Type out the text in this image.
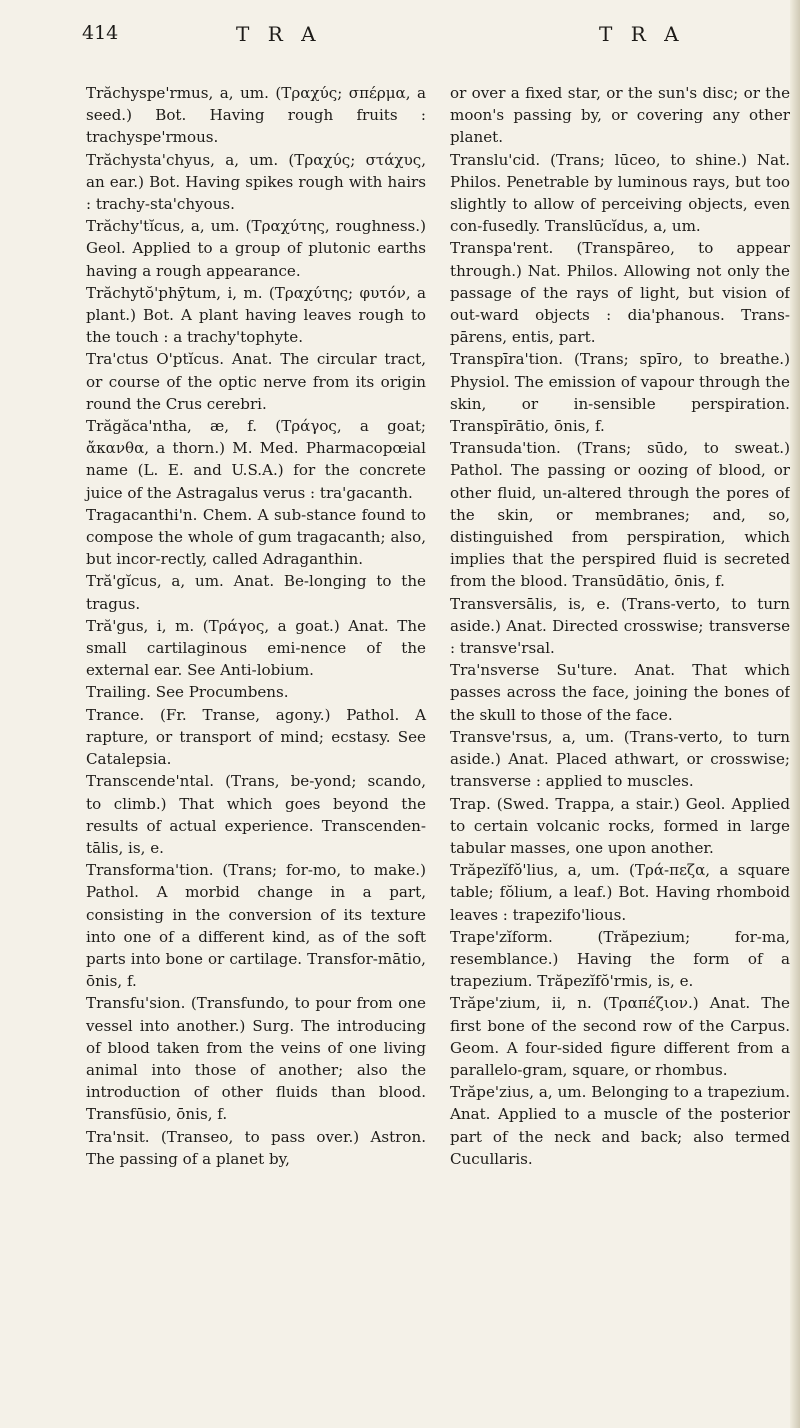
414	T R A	T R A

Trăchyspe'rmus, a, um. (Τραχύς; σπέρμα, a seed.) Bot. Having rough fruits : trachyspe'rmous.

Trăchysta'chyus, a, um. (Τραχύς; στάχυς, an ear.) Bot. Having spikes rough with hairs : trachy-sta'chyous.

Trăchy'tĭcus, a, um. (Τραχύτης, roughness.) Geol. Applied to a group of plutonic earths having a rough appearance.

Trăchytŏ'phȳtum, i, m. (Τραχύτης; φυτόν, a plant.) Bot. A plant having leaves rough to the touch : a trachy'tophyte.

Tra'ctus O'ptĭcus. Anat. The circular tract, or course of the optic nerve from its origin round the Crus cerebri.

Trăgăca'ntha, æ, f. (Τράγος, a goat; ἄκανθα, a thorn.) M. Med. Pharmacopœial name (L. E. and U.S.A.) for the concrete juice of the Astragalus verus : tra'gacanth.

Tragacanthi'n. Chem. A sub-stance found to compose the whole of gum tragacanth; also, but incor-rectly, called Adraganthin.

Tră'gĭcus, a, um. Anat. Be-longing to the tragus.

Tră'gus, i, m. (Τράγος, a goat.) Anat. The small cartilaginous emi-nence of the external ear. See Anti-lobium.

Trailing. See Procumbens.

Trance. (Fr. Transe, agony.) Pathol. A rapture, or transport of mind; ecstasy. See Catalepsia.

Transcende'ntal. (Trans, be-yond; scando, to climb.) That which goes beyond the results of actual experience. Transcenden-tālis, is, e.

Transforma'tion. (Trans; for-mo, to make.) Pathol. A morbid change in a part, consisting in the conversion of its texture into one of a different kind, as of the soft parts into bone or cartilage. Transfor-mātio, ōnis, f.

Transfu'sion. (Transfundo, to pour from one vessel into another.) Surg. The introducing of blood taken from the veins of one living animal into those of another; also the introduction of other fluids than blood. Transfūsio, ōnis, f.

Tra'nsit. (Transeo, to pass over.) Astron. The passing of a planet by,

or over a fixed star, or the sun's disc; or the moon's passing by, or covering any other planet.

Translu'cid. (Trans; lūceo, to shine.) Nat. Philos. Penetrable by luminous rays, but too slightly to allow of perceiving objects, even con-fusedly. Translūcĭdus, a, um.

Transpa'rent. (Transpāreo, to appear through.) Nat. Philos. Allowing not only the passage of the rays of light, but vision of out-ward objects : dia'phanous. Trans-pārens, entis, part.

Transpīra'tion. (Trans; spīro, to breathe.) Physiol. The emission of vapour through the skin, or in-sensible perspiration. Transpīrātio, ōnis, f.

Transuda'tion. (Trans; sūdo, to sweat.) Pathol. The passing or oozing of blood, or other fluid, un-altered through the pores of the skin, or membranes; and, so, distinguished from perspiration, which implies that the perspired fluid is secreted from the blood. Transūdātio, ōnis, f.

Transversālis, is, e. (Trans-verto, to turn aside.) Anat. Directed crosswise; transverse : transve'rsal.

Tra'nsverse Su'ture. Anat. That which passes across the face, joining the bones of the skull to those of the face.

Transve'rsus, a, um. (Trans-verto, to turn aside.) Anat. Placed athwart, or crosswise; transverse : applied to muscles.

Trap. (Swed. Trappa, a stair.) Geol. Applied to certain volcanic rocks, formed in large tabular masses, one upon another.

Trăpezĭfŏ'lius, a, um. (Τρά-πεζα, a square table; fŏlium, a leaf.) Bot. Having rhomboid leaves : trapezifo'lious.

Trape'zĭform. (Trăpezium; for-ma, resemblance.) Having the form of a trapezium. Trăpezĭfŏ'rmis, is, e.

Trăpe'zium, ii, n. (Τραπέζιον.) Anat. The first bone of the second row of the Carpus. Geom. A four-sided figure different from a parallelo-gram, square, or rhombus.

Trăpe'zius, a, um. Belonging to a trapezium. Anat. Applied to a muscle of the posterior part of the neck and back; also termed Cucullaris.
